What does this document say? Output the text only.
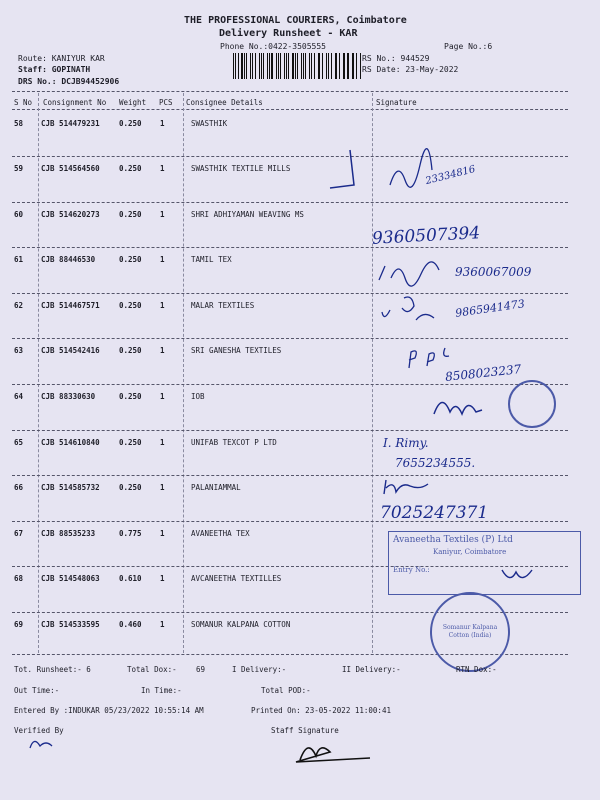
THE PROFESSIONAL COURIERS, Coimbatore
Delivery Runsheet - KAR
Phone No.:0422-3505555	Page No.:6
Route: KANIYUR KAR
Staff: GOPINATH
DRS No.: DCJB94452906
RS No.: 944529
RS Date: 23-May-2022
S No Consignment No Weight PCS Consignee Details	Signature
58 CJB 514479231	0.250 1	SWASTHIK
59 CJB 514564560	0.250 1	SWASTHIK TEXTILE MILLS
60 CJB 514620273	0.250 1	SHRI ADHIYAMAN WEAVING MS
61 CJB 88446530	0.250 1	TAMIL TEX
62 CJB 514467571	0.250 1	MALAR TEXTILES
63 CJB 514542416	0.250 1	SRI GANESHA TEXTILES
64 CJB 88330630	0.250 1	IOB
65 CJB 514610840	0.250 1	UNIFAB TEXCOT P LTD
66 CJB 514585732	0.250 1	PALANIAMMAL
67 CJB 88535233	0.775 1	AVANEETHA TEX
68 CJB 514548063	0.610 1	AVCANEETHA TEXTILLES
69 CJB 514533595	0.460 1	SOMANUR KALPANA COTTON
23334816
9360507394
9360067009
9865941473
8508023237
I. Rimy.
7655234555.
7025247371
Avaneetha Textiles (P) Ltd
Kaniyur, Coimbatore
Entry No.:
Somanur Kalpana Cotton (India)
Tot. Runsheet:- 6	Total Dox:-	69	I Delivery:-	II Delivery:-	RTN Dox:-
Out Time:-	In Time:-	Total POD:-
Entered By :INDUKAR 05/23/2022 10:55:14 AM	Printed On: 23-05-2022 11:00:41
Verified By	Staff Signature
